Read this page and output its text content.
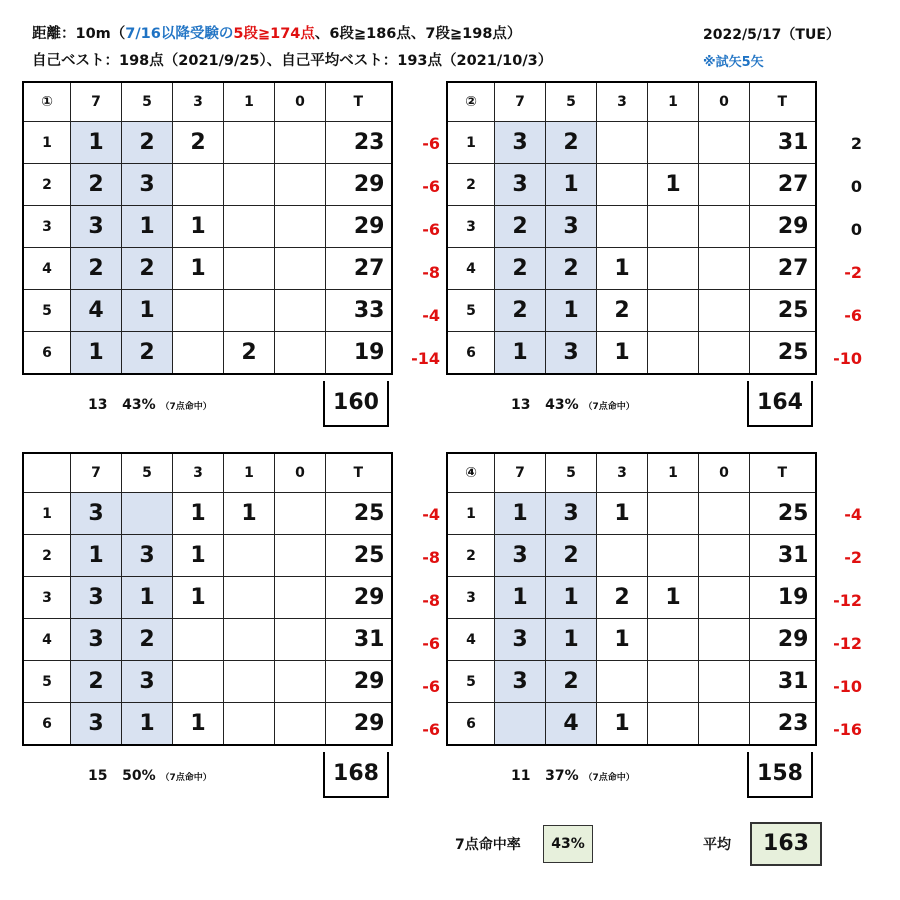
距離：10m（7/16以降受験の5段≧174点、6段≧186点、7段≧198点）	2022/5/17（TUE）
自己ベスト：198点（2021/9/25）、自己平均ベスト：193点（2021/10/3）	※試矢5矢
①	7	5	3	1	0	T
1	1	2	2			23
2	2	3				29
3	3	1	1			29
4	2	2	1			27
5	4	1				33
6	1	2		2		19
-6
-6
-6
-8
-4
-14
13 43% （7点命中）	160
②	7	5	3	1	0	T
1	3	2				31
2	3	1		1		27
3	2	3				29
4	2	2	1			27
5	2	1	2			25
6	1	3	1			25
2
0
0
-2
-6
-10
13 43% （7点命中）	164
	7	5	3	1	0	T
1	3		1	1		25
2	1	3	1			25
3	3	1	1			29
4	3	2				31
5	2	3				29
6	3	1	1			29
-4
-8
-8
-6
-6
-6
15 50% （7点命中）	168
④	7	5	3	1	0	T
1	1	3	1			25
2	3	2				31
3	1	1	2	1		19
4	3	1	1			29
5	3	2				31
6		4	1			23
-4
-2
-12
-12
-10
-16
11 37% （7点命中）	158
7点命中率	43%	平均	163
